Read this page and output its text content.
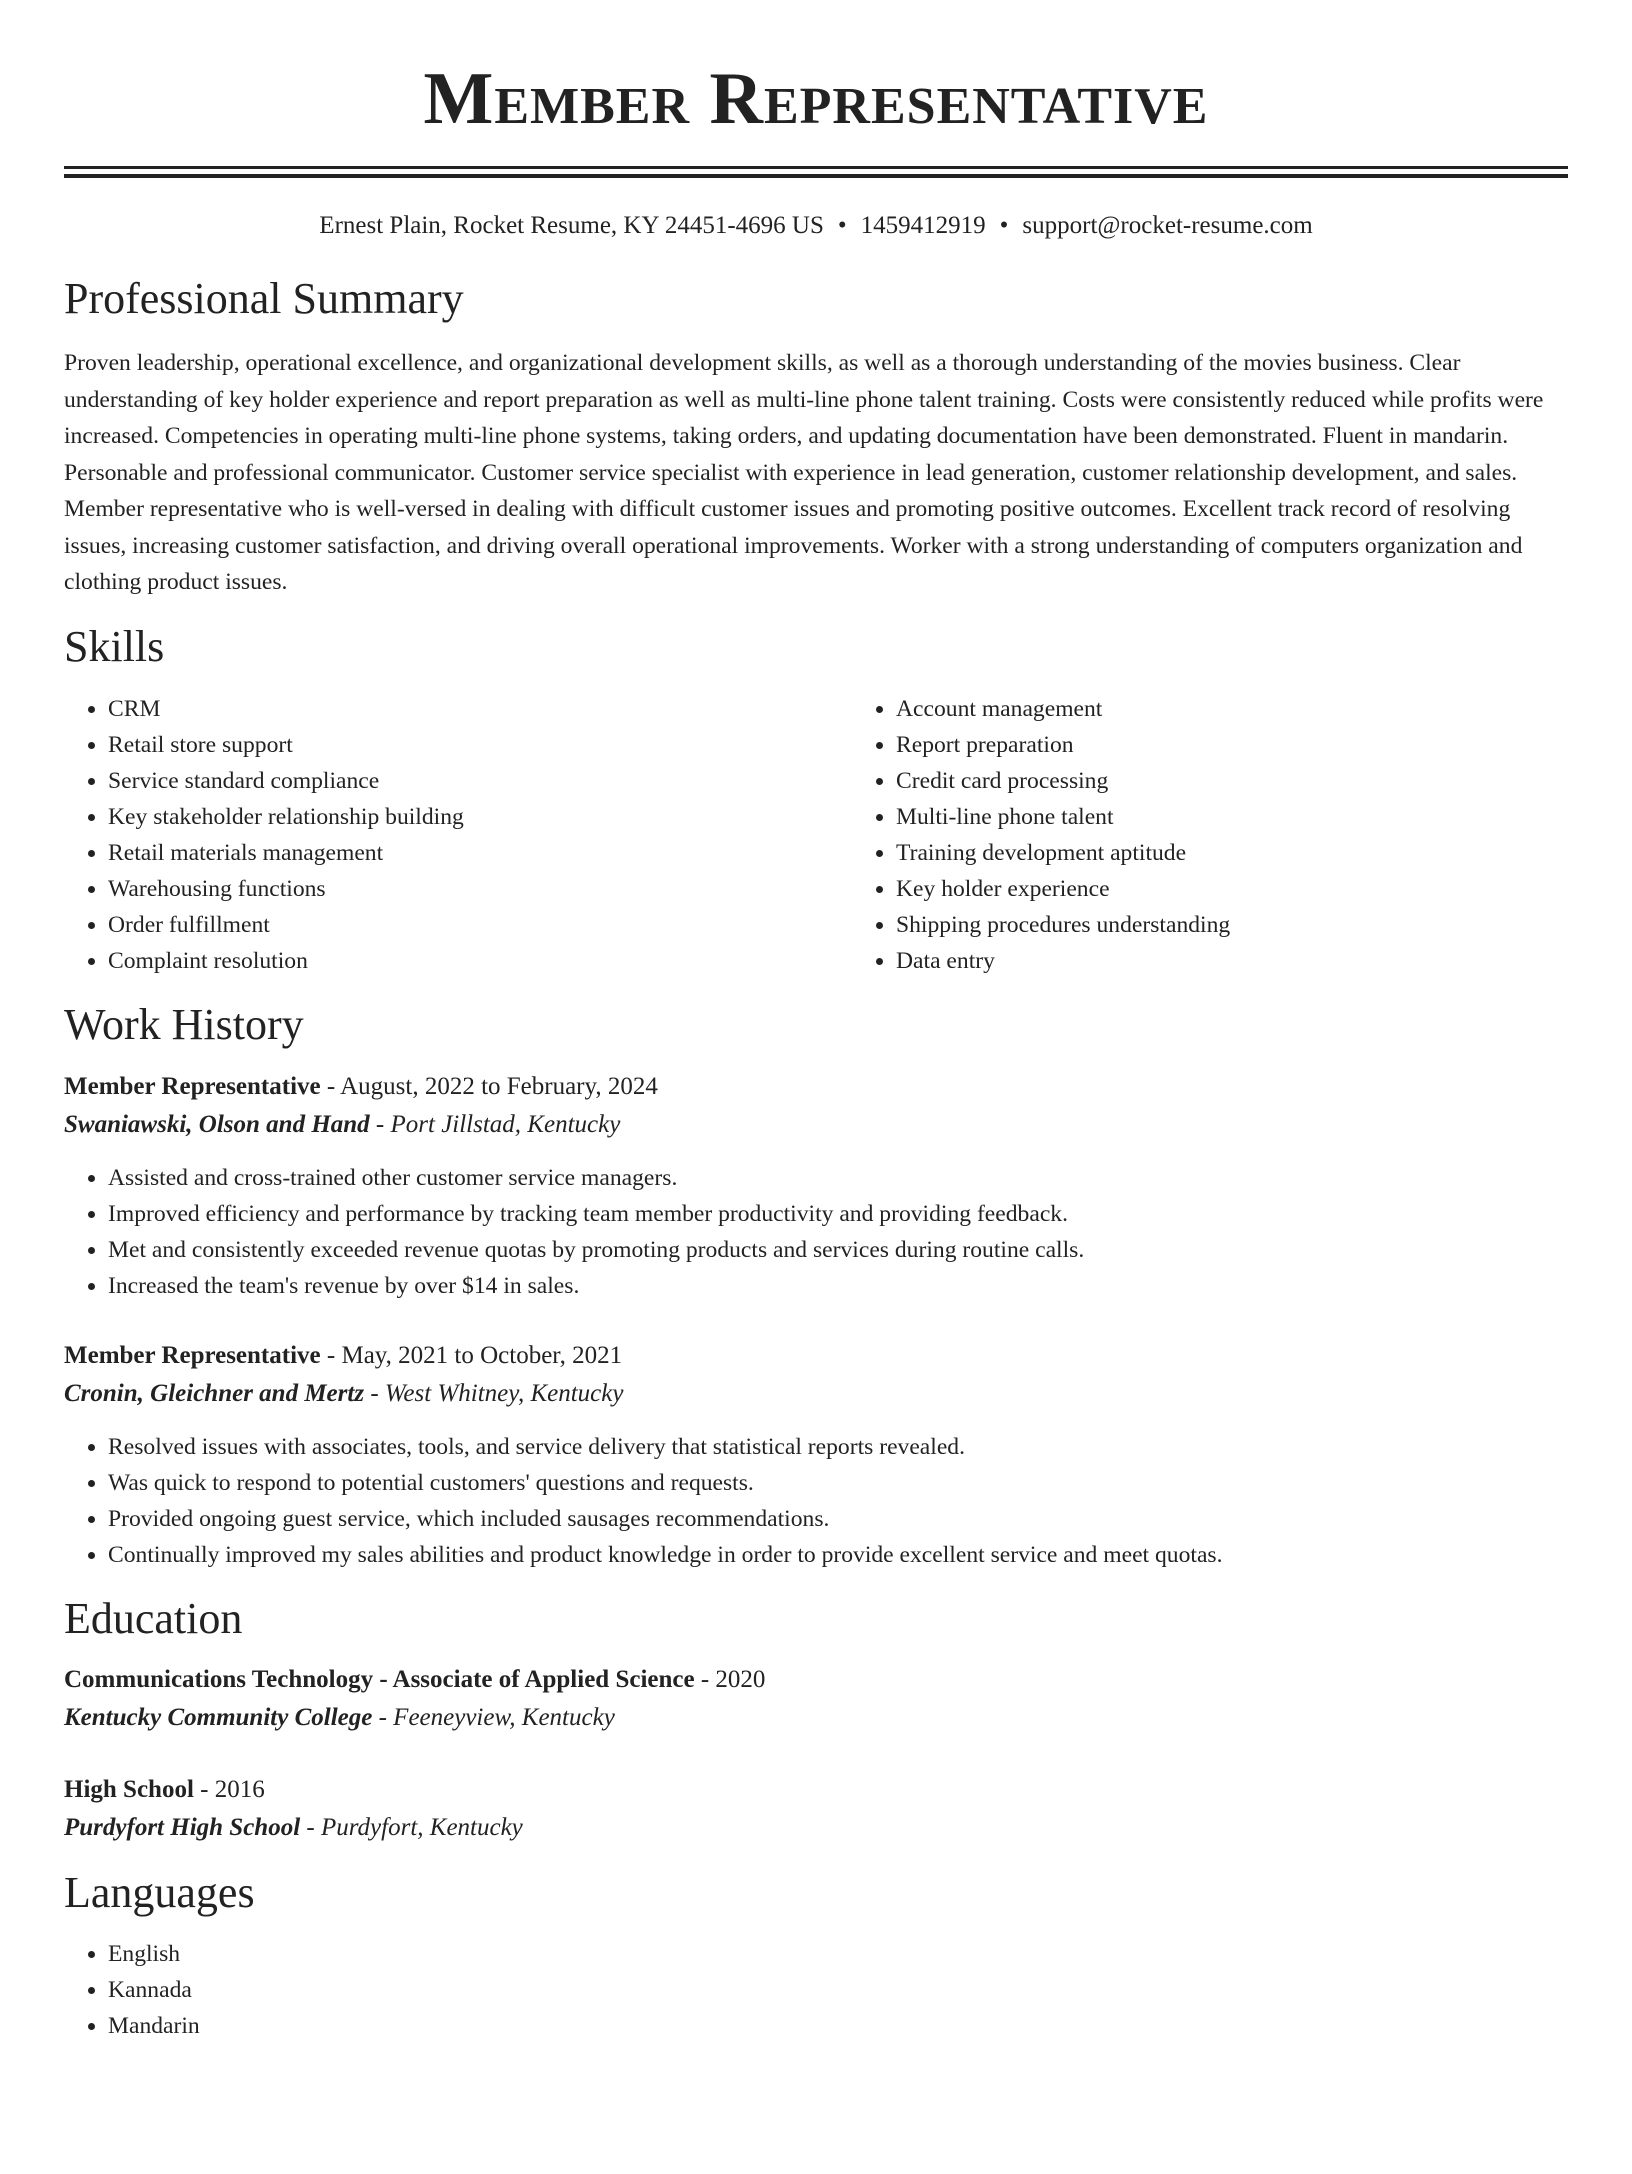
Member Representative
Ernest Plain, Rocket Resume, KY 24451-4696 US • 1459412919 • support@rocket-resume.com
Professional Summary

Proven leadership, operational excellence, and organizational development skills, as well as a thorough understanding of the movies business. Clear understanding of key holder experience and report preparation as well as multi-line phone talent training. Costs were consistently reduced while profits were increased. Competencies in operating multi-line phone systems, taking orders, and updating documentation have been demonstrated. Fluent in mandarin. Personable and professional communicator. Customer service specialist with experience in lead generation, customer relationship development, and sales. Member representative who is well-versed in dealing with difficult customer issues and promoting positive outcomes. Excellent track record of resolving issues, increasing customer satisfaction, and driving overall operational improvements. Worker with a strong understanding of computers organization and clothing product issues.

Skills
• CRM
• Retail store support
• Service standard compliance
• Key stakeholder relationship building
• Retail materials management
• Warehousing functions
• Order fulfillment
• Complaint resolution
• Account management
• Report preparation
• Credit card processing
• Multi-line phone talent
• Training development aptitude
• Key holder experience
• Shipping procedures understanding
• Data entry
Work History
Member Representative - August, 2022 to February, 2024
Swaniawski, Olson and Hand - Port Jillstad, Kentucky
• Assisted and cross-trained other customer service managers.
• Improved efficiency and performance by tracking team member productivity and providing feedback.
• Met and consistently exceeded revenue quotas by promoting products and services during routine calls.
• Increased the team's revenue by over $14 in sales.
Member Representative - May, 2021 to October, 2021
Cronin, Gleichner and Mertz - West Whitney, Kentucky
• Resolved issues with associates, tools, and service delivery that statistical reports revealed.
• Was quick to respond to potential customers' questions and requests.
• Provided ongoing guest service, which included sausages recommendations.
• Continually improved my sales abilities and product knowledge in order to provide excellent service and meet quotas.
Education
Communications Technology - Associate of Applied Science - 2020
Kentucky Community College - Feeneyview, Kentucky
High School - 2016
Purdyfort High School - Purdyfort, Kentucky
Languages
• English
• Kannada
• Mandarin
